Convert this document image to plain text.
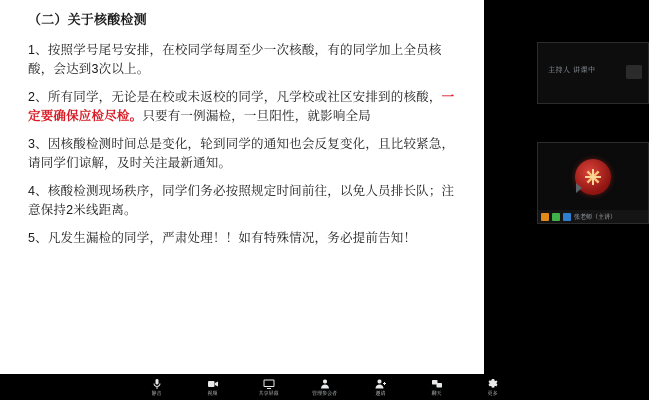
（二）关于核酸检测

1、按照学号尾号安排，在校同学每周至少一次核酸，有的同学加上全员核酸，会达到3次以上。

2、所有同学，无论是在校或未返校的同学，凡学校或社区安排到的核酸，一定要确保应检尽检。只要有一例漏检，一旦阳性，就影响全局

3、因核酸检测时间总是变化，轮到同学的通知也会反复变化，且比较紧急，请同学们谅解，及时关注最新通知。

4、核酸检测现场秩序，同学们务必按照规定时间前往，以免人员排长队；注意保持2米线距离。

5、凡发生漏检的同学，严肃处理！！如有特殊情况，务必提前告知！

主持人 讲课中
张老师（主讲）
静音	视频	共享屏幕	管理参会者	邀请	聊天	更多
